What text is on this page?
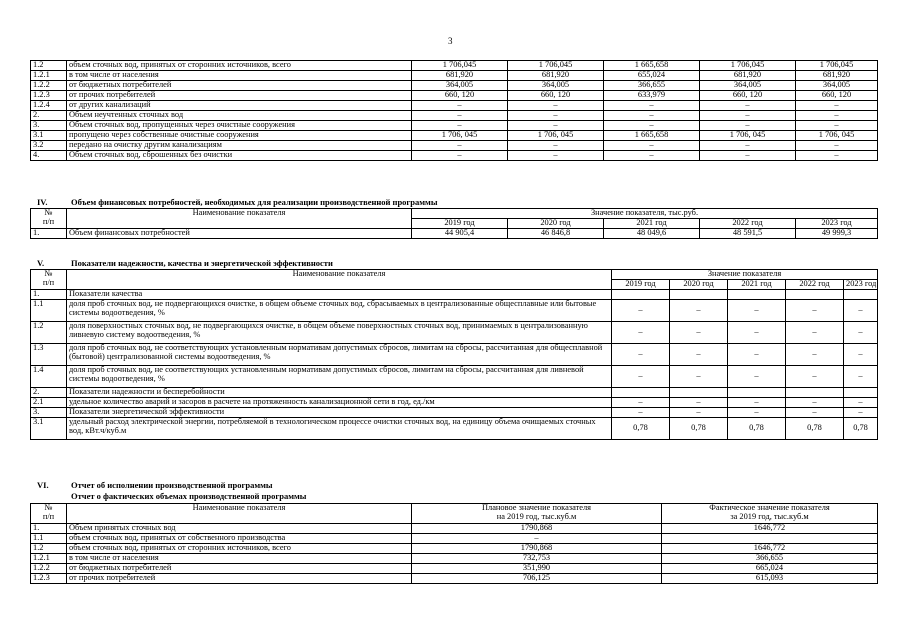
3
1.2	объем сточных вод, принятых от сторонних источников, всего	1 706,045	1 706,045	1 665,658	1 706,045	1 706,045
1.2.1	в том числе от населения	681,920	681,920	655,024	681,920	681,920
1.2.2	от бюджетных потребителей	364,005	364,005	366,655	364,005	364,005
1.2.3	от прочих потребителей	660, 120	660, 120	633,979	660, 120	660, 120
1.2.4	от других канализаций	–	–	–	–	–
2.	Объем неучтенных сточных вод	–	–	–	–	–
3.	Объем сточных вод, пропущенных через очистные сооружения	–	–	–	–	–
3.1	пропущено через собственные очистные сооружения	1 706, 045	1 706, 045	1 665,658	1 706, 045	1 706, 045
3.2	передано на очистку другим канализациям	–	–	–	–	–
4.	Объем сточных вод, сброшенных без очистки	–	–	–	–	–
IV.	Объем финансовых потребностей, необходимых для реализации производственной программы
№
п/п	Наименование показателя	Значение показателя, тыс.руб.				
		2019 год	2020 год	2021 год	2022 год	2023 год
1.	Объем финансовых потребностей	44 905,4	46 846,8	48 049,6	48 591,5	49 999,3
V.	Показатели надежности, качества и энергетической эффективности
№
п/п	Наименование показателя	Значение показателя				
		2019 год	2020 год	2021 год	2022 год	2023 год
1.	Показатели качества					
1.1	доля проб сточных вод, не подвергающихся очистке, в общем объеме сточных вод, сбрасываемых в централизованные общесплавные или бытовые системы водоотведения, %	–	–	–	–	–
1.2	доля поверхностных сточных вод, не подвергающихся очистке, в общем объеме поверхностных сточных вод, принимаемых в централизованную ливневую систему водоотведения, %	–	–	–	–	–
1.3	доля проб сточных вод, не соответствующих установленным нормативам допустимых сбросов, лимитам на сбросы, рассчитанная для общесплавной (бытовой) централизованной системы водоотведения, %	–	–	–	–	–
1.4	доля проб сточных вод, не соответствующих установленным нормативам допустимых сбросов, лимитам на сбросы, рассчитанная для ливневой системы водоотведения, %	–	–	–	–	–
2.	Показатели надежности и бесперебойности					
2.1	удельное количество аварий и засоров в расчете на протяженность канализационной сети в год, ед./км	–	–	–	–	–
3.	Показатели энергетической эффективности	–	–	–	–	–
3.1	удельный расход электрической энергии, потребляемой в технологическом процессе очистки сточных вод, на единицу объема очищаемых сточных вод, кВт.ч/куб.м	0,78	0,78	0,78	0,78	0,78
VI.	Отчет об исполнении производственной программы
Отчет о фактических объемах производственной программы
№
п/п	Наименование показателя	Плановое значение показателя
на 2019 год, тыс.куб.м	Фактическое значение показателя
за 2019 год, тыс.куб.м
1.	Объем принятых сточных вод	1790,868	1646,772
1.1	объем сточных вод, принятых от собственного производства	–	
1.2	объем сточных вод, принятых от сторонних источников, всего	1790,868	1646,772
1.2.1	в том числе от населения	732,753	366,655
1.2.2	от бюджетных потребителей	351,990	665,024
1.2.3	от прочих потребителей	706,125	615,093
